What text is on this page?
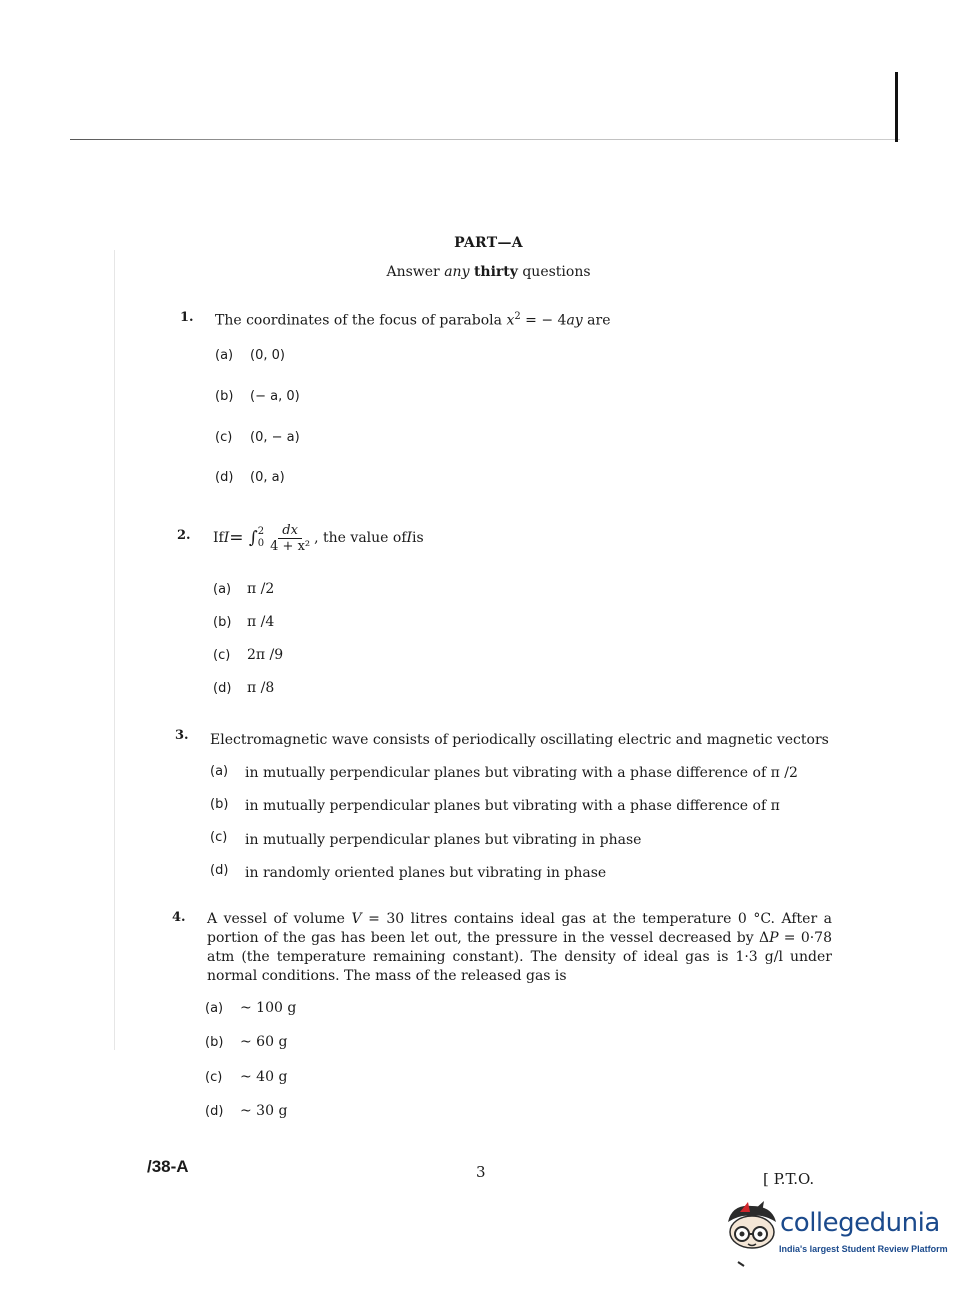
PART—A
Answer any thirty questions
1. The coordinates of the focus of parabola $x^2$ = − 4ay are
(a) (0, 0)
(b) (− a, 0)
(c) (0, − a)
(d) (0, a)
2. If I = ∫ 2
$0 \frac{dx}{\text{4 + x²}}$ , the value of I is
(a) π /2
(b) π /4
(c) 2π /9
(d) π /8
3. Electromagnetic wave consists of periodically oscillating electric and magnetic vectors
(a) in mutually perpendicular planes but vibrating with a phase difference of π /2
(b) in mutually perpendicular planes but vibrating with a phase difference of π
(c) in mutually perpendicular planes but vibrating in phase
(d) in randomly oriented planes but vibrating in phase
4. A vessel of volume V = 30 litres contains ideal gas at the temperature 0 °C. After a portion of the gas has been let out, the pressure in the vessel decreased by ΔP = 0·78 atm (the temperature remaining constant). The density of ideal gas is 1·3 g/l under normal conditions. The mass of the released gas is
(a) ~ 100 g
(b) ~ 60 g
(c) ~ 40 g
(d) ~ 30 g
/38-A	3	[ P.T.O.
collegedunia
India's largest Student Review Platform
